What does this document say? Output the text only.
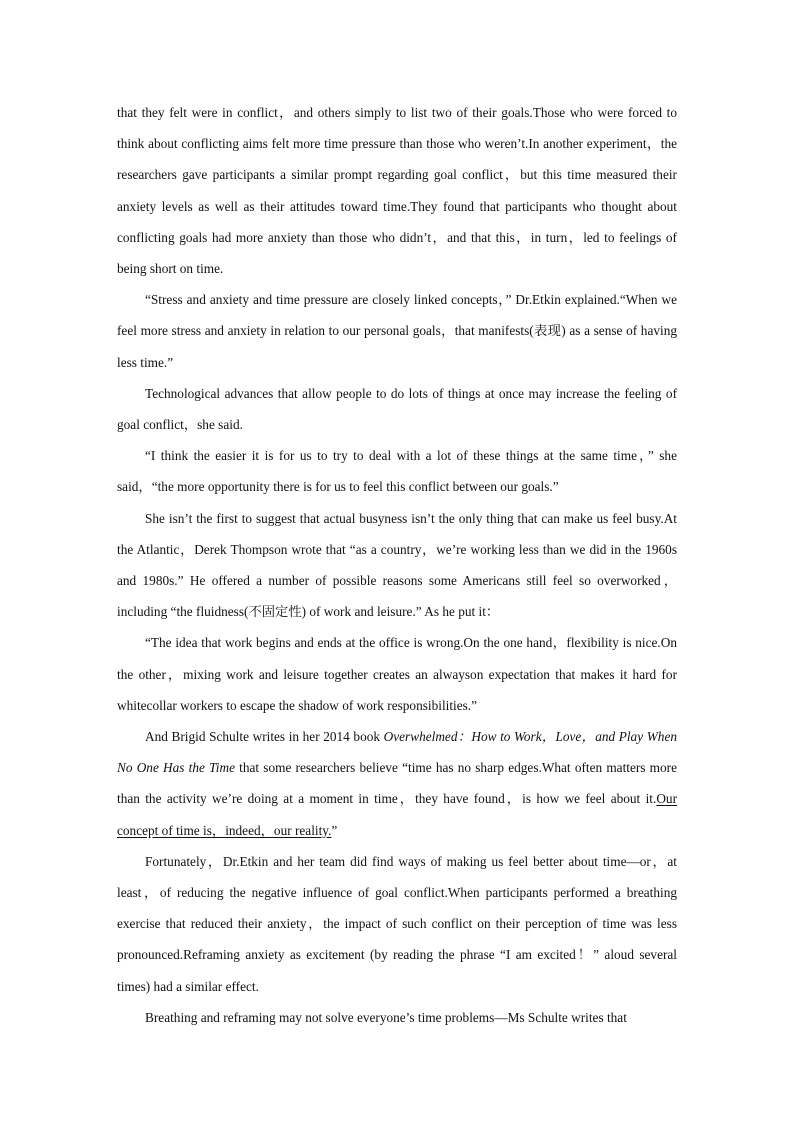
that they felt were in conflict，and others simply to list two of their goals.Those who were forced to think about conflicting aims felt more time pressure than those who weren’t.In another experiment，the researchers gave participants a similar prompt regarding goal conflict，but this time measured their anxiety levels as well as their attitudes toward time.They found that participants who thought about conflicting goals had more anxiety than those who didn’t，and that this，in turn，led to feelings of being short on time.

“Stress and anxiety and time pressure are closely linked concepts，” Dr.Etkin explained.“When we feel more stress and anxiety in relation to our personal goals，that manifests(表现) as a sense of having less time.”

Technological advances that allow people to do lots of things at once may increase the feeling of goal conflict，she said.

“I think the easier it is for us to try to deal with a lot of these things at the same time，” she said，“the more opportunity there is for us to feel this conflict between our goals.”

She isn’t the first to suggest that actual busyness isn’t the only thing that can make us feel busy.At the Atlantic，Derek Thompson wrote that “as a country，we’re working less than we did in the 1960s and 1980s.” He offered a number of possible reasons some Americans still feel so overworked，including “the fluidness(不固定性) of work and leisure.” As he put it：

“The idea that work begins and ends at the office is wrong.On the one hand，flexibility is nice.On the other，mixing work and leisure together creates an alwayson expectation that makes it hard for whitecollar workers to escape the shadow of work responsibilities.”

And Brigid Schulte writes in her 2014 book Overwhelmed：How to Work，Love，and Play When No One Has the Time that some researchers believe “time has no sharp edges.What often matters more than the activity we’re doing at a moment in time，they have found，is how we feel about it.Our concept of time is，indeed，our reality.”

Fortunately，Dr.Etkin and her team did find ways of making us feel better about time—or，at least，of reducing the negative influence of goal conflict.When participants performed a breathing exercise that reduced their anxiety，the impact of such conflict on their perception of time was less pronounced.Reframing anxiety as excitement (by reading the phrase “I am excited！” aloud several times) had a similar effect.

Breathing and reframing may not solve everyone’s time problems—Ms Schulte writes that
